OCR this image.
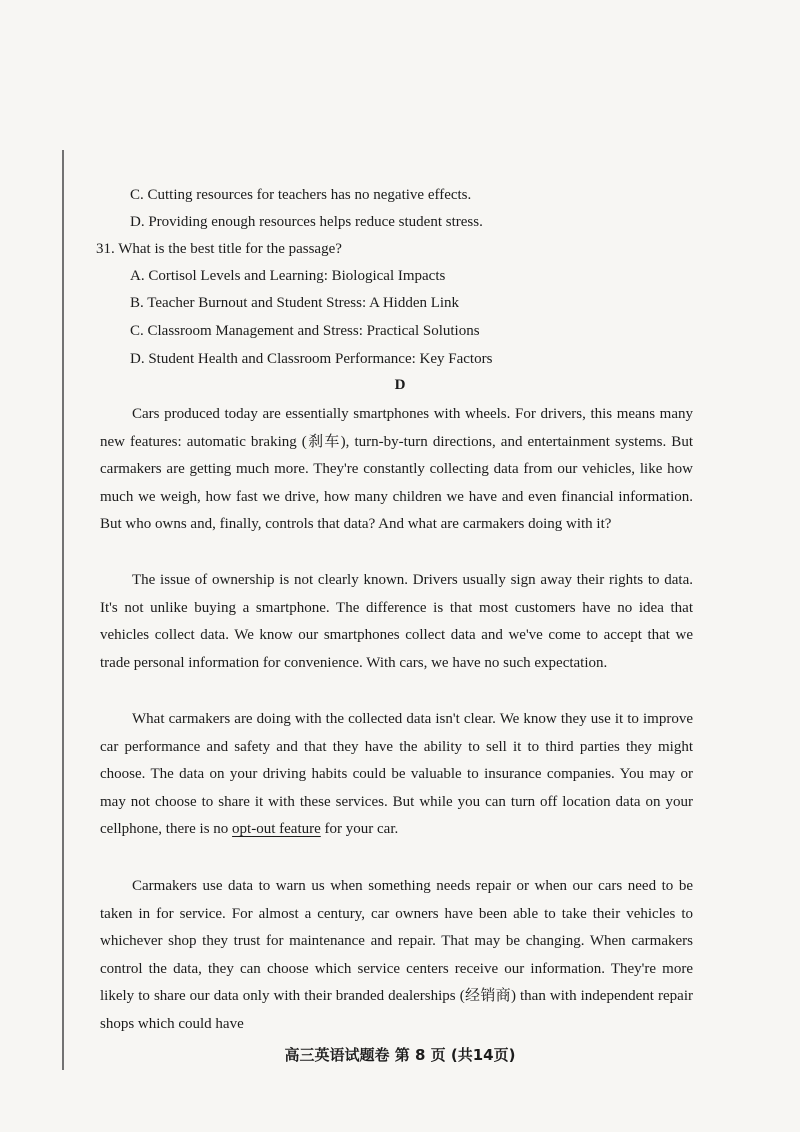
C. Cutting resources for teachers has no negative effects.
D. Providing enough resources helps reduce student stress.
31. What is the best title for the passage?
A. Cortisol Levels and Learning: Biological Impacts
B. Teacher Burnout and Student Stress: A Hidden Link
C. Classroom Management and Stress: Practical Solutions
D. Student Health and Classroom Performance: Key Factors
D
Cars produced today are essentially smartphones with wheels. For drivers, this means many new features: automatic braking (刹车), turn-by-turn directions, and entertainment systems. But carmakers are getting much more. They're constantly collecting data from our vehicles, like how much we weigh, how fast we drive, how many children we have and even financial information. But who owns and, finally, controls that data? And what are carmakers doing with it?
The issue of ownership is not clearly known. Drivers usually sign away their rights to data. It's not unlike buying a smartphone. The difference is that most customers have no idea that vehicles collect data. We know our smartphones collect data and we've come to accept that we trade personal information for convenience. With cars, we have no such expectation.
What carmakers are doing with the collected data isn't clear. We know they use it to improve car performance and safety and that they have the ability to sell it to third parties they might choose. The data on your driving habits could be valuable to insurance companies. You may or may not choose to share it with these services. But while you can turn off location data on your cellphone, there is no opt-out feature for your car.
Carmakers use data to warn us when something needs repair or when our cars need to be taken in for service. For almost a century, car owners have been able to take their vehicles to whichever shop they trust for maintenance and repair. That may be changing. When carmakers control the data, they can choose which service centers receive our information. They're more likely to share our data only with their branded dealerships (经销商) than with independent repair shops which could have
高三英语试题卷 第 8 页 (共14页)
